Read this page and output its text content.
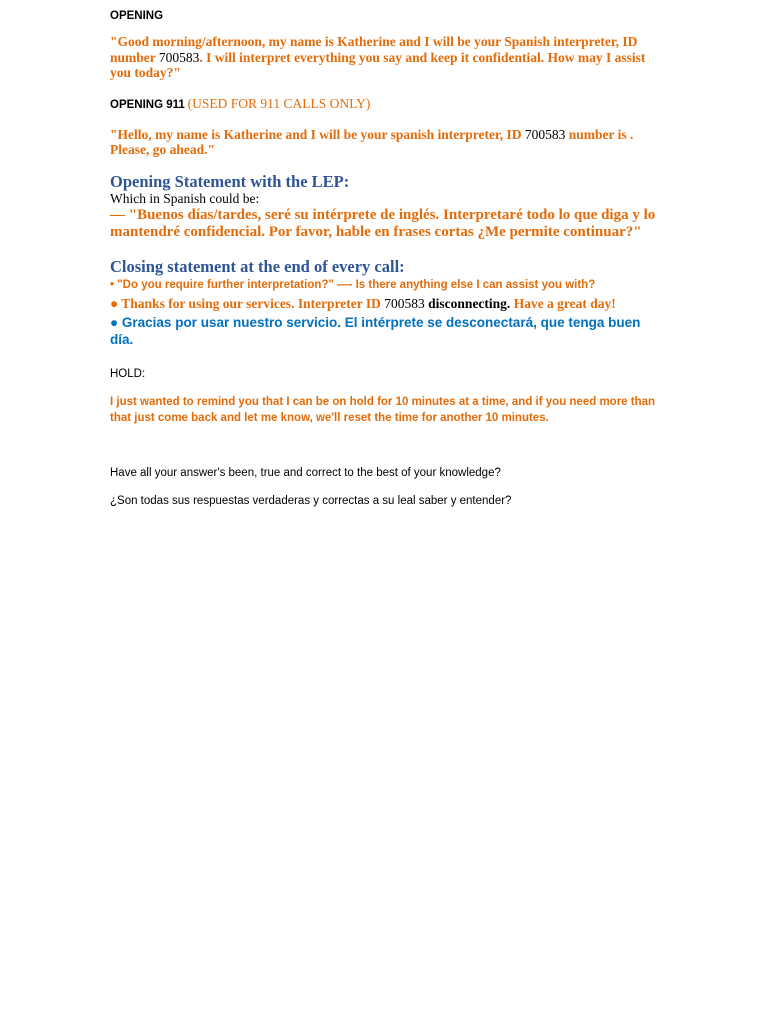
OPENING

"Good morning/afternoon, my name is Katherine and I will be your Spanish interpreter, ID number 700583. I will interpret everything you say and keep it confidential. How may I assist you today?"

OPENING 911 (USED FOR 911 CALLS ONLY)

"Hello, my name is Katherine and I will be your spanish interpreter, ID 700583 number is . Please, go ahead."

Opening Statement with the LEP:

Which in Spanish could be:

— "Buenos días/tardes, seré su intérprete de inglés. Interpretaré todo lo que diga y lo mantendré confidencial. Por favor, hable en frases cortas ¿Me permite continuar?"

Closing statement at the end of every call:

• "Do you require further interpretation?" —- Is there anything else I can assist you with?

● Thanks for using our services. Interpreter ID 700583 disconnecting. Have a great day!

● Gracias por usar nuestro servicio. El intérprete se desconectará, que tenga buen día.

HOLD:

I just wanted to remind you that I can be on hold for 10 minutes at a time, and if you need more than that just come back and let me know, we'll reset the time for another 10 minutes.

Have all your answer's been, true and correct to the best of your knowledge?

¿Son todas sus respuestas verdaderas y correctas a su leal saber y entender?
